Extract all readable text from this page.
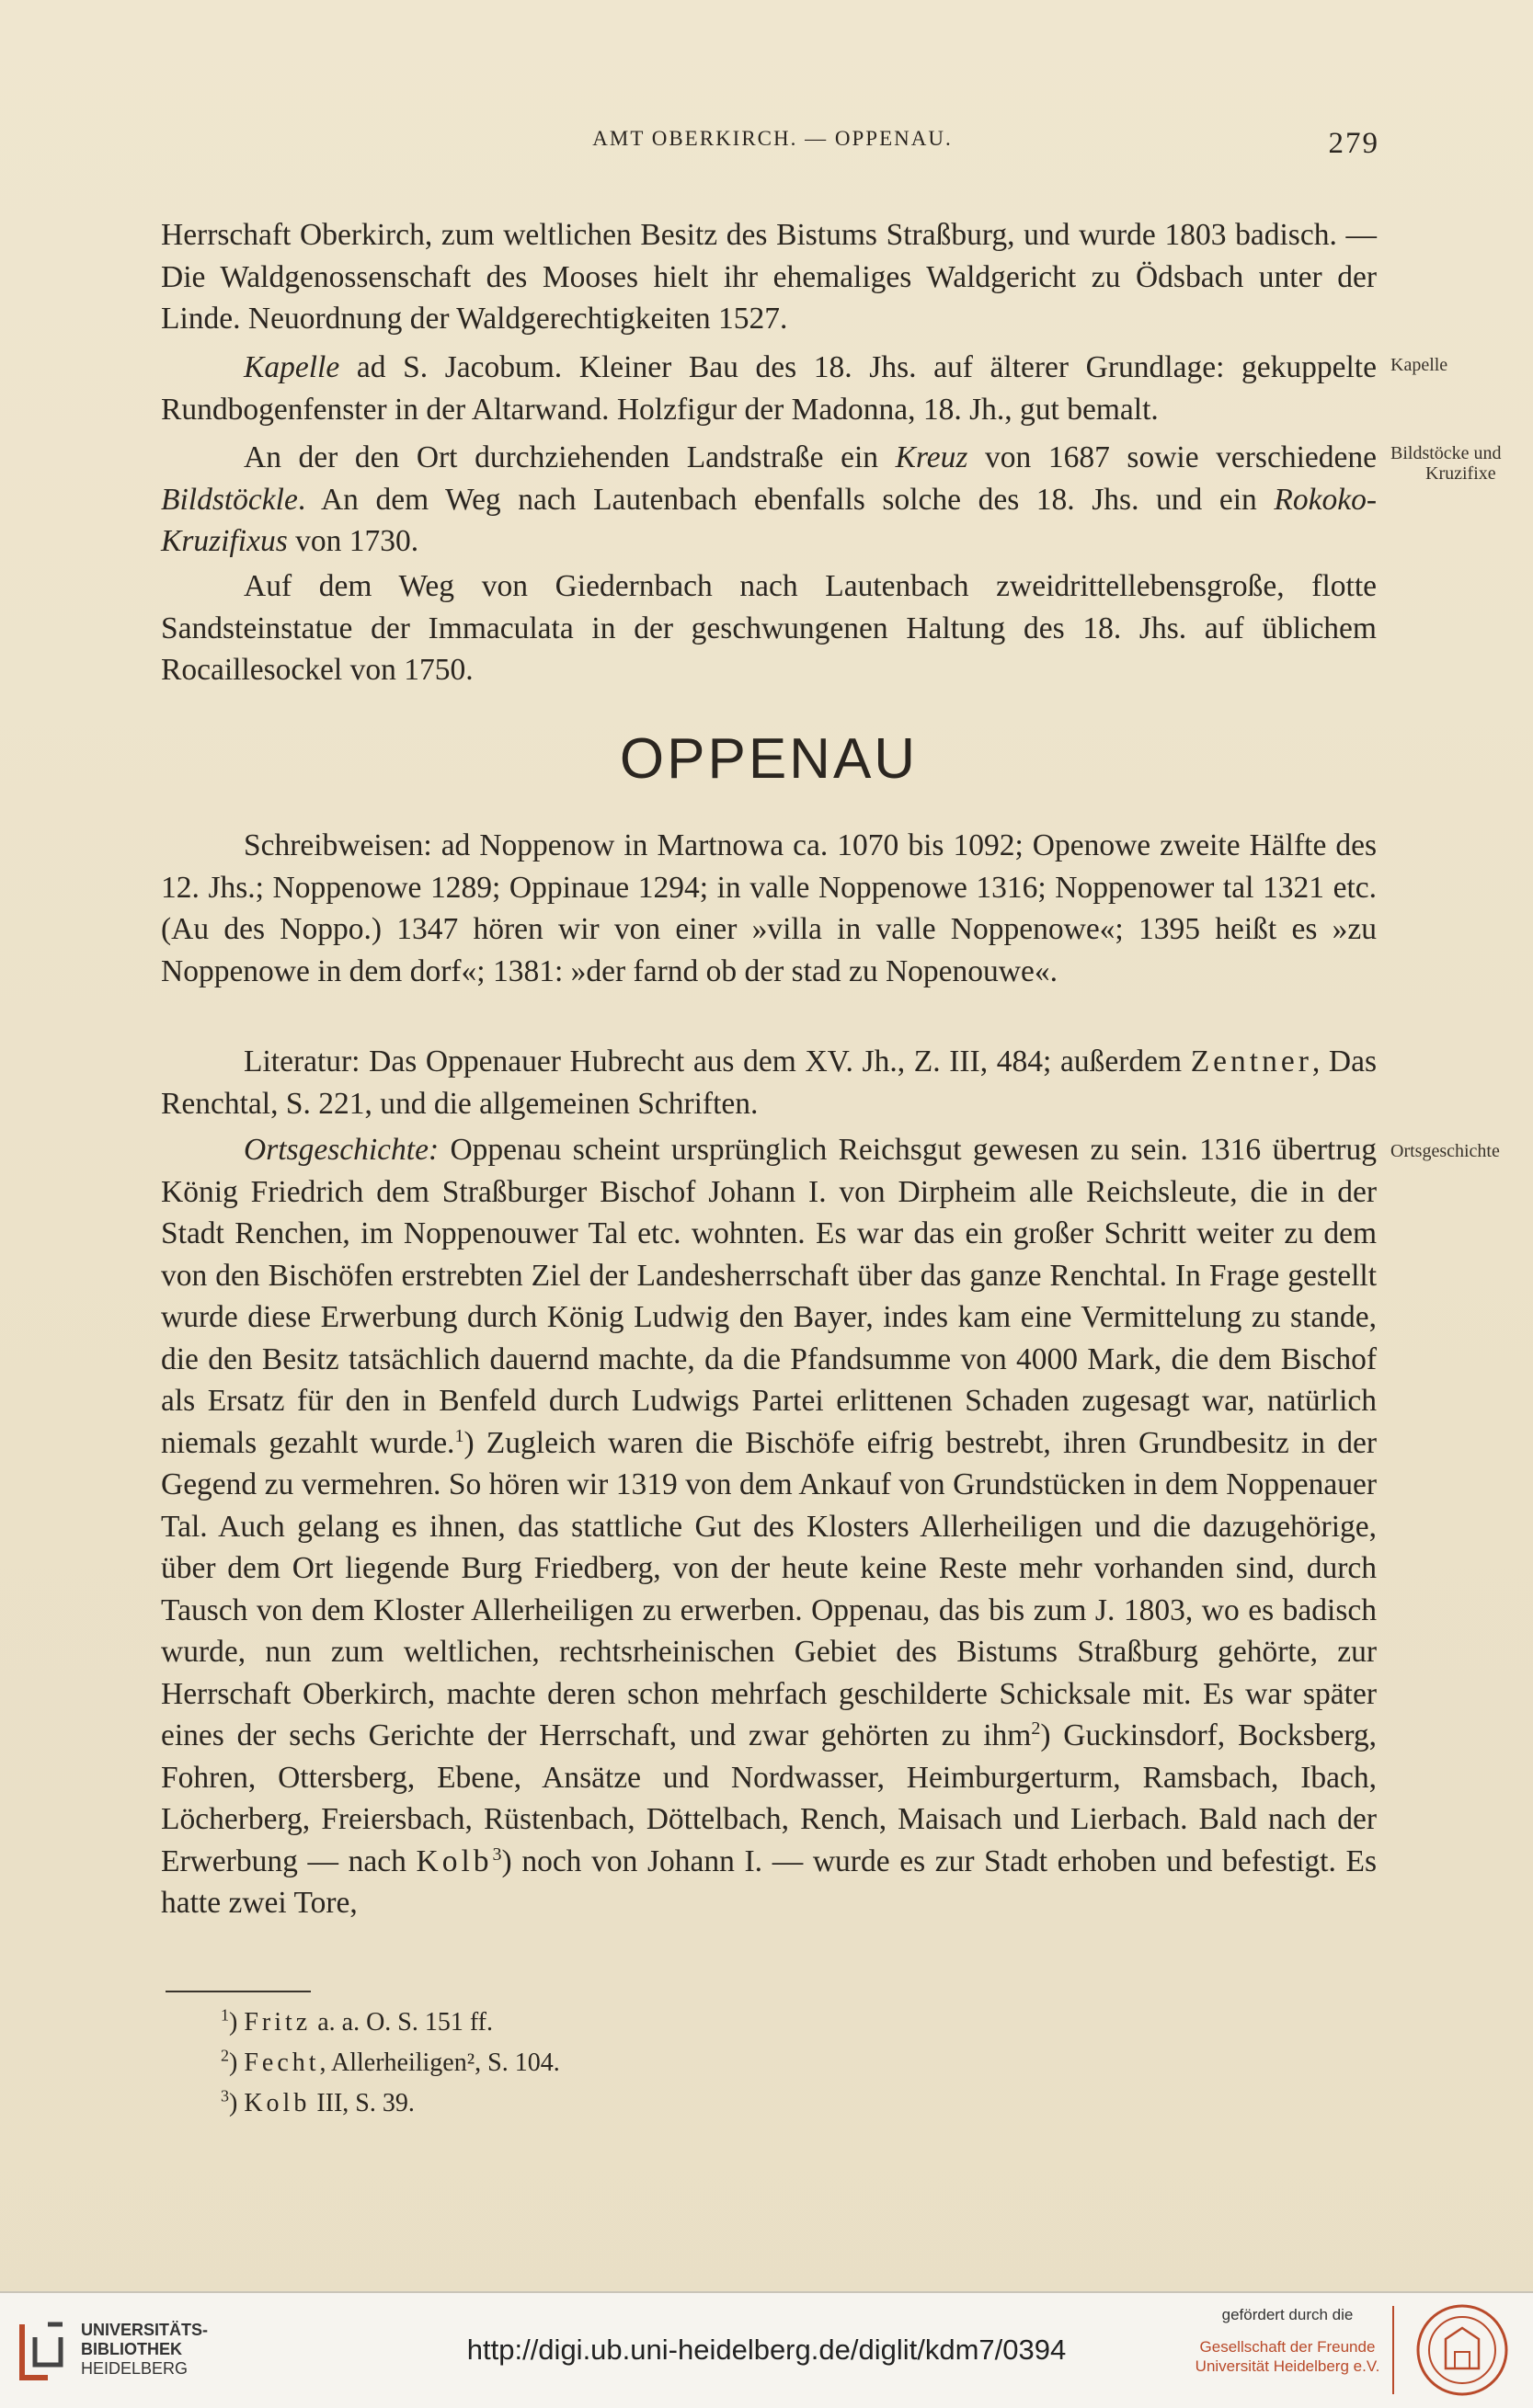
AMT OBERKIRCH. — OPPENAU.	279
Herrschaft Oberkirch, zum weltlichen Besitz des Bistums Straßburg, und wurde 1803 badisch. — Die Waldgenossenschaft des Mooses hielt ihr ehemaliges Waldgericht zu Ödsbach unter der Linde. Neuordnung der Waldgerechtigkeiten 1527.
Kapelle ad S. Jacobum. Kleiner Bau des 18. Jhs. auf älterer Grundlage: gekuppelte Rundbogenfenster in der Altarwand. Holzfigur der Madonna, 18. Jh., gut bemalt.
An der den Ort durchziehenden Landstraße ein Kreuz von 1687 sowie verschiedene Bildstöckle. An dem Weg nach Lautenbach ebenfalls solche des 18. Jhs. und ein Rokoko-Kruzifixus von 1730.
Auf dem Weg von Giedernbach nach Lautenbach zweidrittellebensgroße, flotte Sandsteinstatue der Immaculata in der geschwungenen Haltung des 18. Jhs. auf üblichem Rocaillesockel von 1750.
OPPENAU
Schreibweisen: ad Noppenow in Martnowa ca. 1070 bis 1092; Openowe zweite Hälfte des 12. Jhs.; Noppenowe 1289; Oppinaue 1294; in valle Noppenowe 1316; Noppenower tal 1321 etc. (Au des Noppo.) 1347 hören wir von einer »villa in valle Noppenowe«; 1395 heißt es »zu Noppenowe in dem dorf«; 1381: »der farnd ob der stad zu Nopenouwe«.
Literatur: Das Oppenauer Hubrecht aus dem XV. Jh., Z. III, 484; außerdem Zentner, Das Renchtal, S. 221, und die allgemeinen Schriften.
Ortsgeschichte: Oppenau scheint ursprünglich Reichsgut gewesen zu sein. 1316 übertrug König Friedrich dem Straßburger Bischof Johann I. von Dirpheim alle Reichsleute, die in der Stadt Renchen, im Noppenouwer Tal etc. wohnten. Es war das ein großer Schritt weiter zu dem von den Bischöfen erstrebten Ziel der Landesherrschaft über das ganze Renchtal. In Frage gestellt wurde diese Erwerbung durch König Ludwig den Bayer, indes kam eine Vermittelung zu stande, die den Besitz tatsächlich dauernd machte, da die Pfandsumme von 4000 Mark, die dem Bischof als Ersatz für den in Benfeld durch Ludwigs Partei erlittenen Schaden zugesagt war, natürlich niemals gezahlt wurde.$^1$) Zugleich waren die Bischöfe eifrig bestrebt, ihren Grundbesitz in der Gegend zu vermehren. So hören wir 1319 von dem Ankauf von Grundstücken in dem Noppenauer Tal. Auch gelang es ihnen, das stattliche Gut des Klosters Allerheiligen und die dazugehörige, über dem Ort liegende Burg Friedberg, von der heute keine Reste mehr vorhanden sind, durch Tausch von dem Kloster Allerheiligen zu erwerben. Oppenau, das bis zum J. 1803, wo es badisch wurde, nun zum weltlichen, rechtsrheinischen Gebiet des Bistums Straßburg gehörte, zur Herrschaft Oberkirch, machte deren schon mehrfach geschilderte Schicksale mit. Es war später eines der sechs Gerichte der Herrschaft, und zwar gehörten zu ihm$^2$) Guckinsdorf, Bocksberg, Fohren, Ottersberg, Ebene, Ansätze und Nordwasser, Heimburgerturm, Ramsbach, Ibach, Löcherberg, Freiersbach, Rüstenbach, Döttelbach, Rench, Maisach und Lierbach. Bald nach der Erwerbung — nach Kolb$^3$) noch von Johann I. — wurde es zur Stadt erhoben und befestigt. Es hatte zwei Tore,
Kapelle
Bildstöcke und
Kruzifixe
Ortsgeschichte
$^1$) Fritz a. a. O. S. 151 ff.
$^2$) Fecht, Allerheiligen², S. 104.
$^3$) Kolb III, S. 39.
UNIVERSITÄTS-
BIBLIOTHEK
HEIDELBERG
http://digi.ub.uni-heidelberg.de/diglit/kdm7/0394
gefördert durch die
Gesellschaft der Freunde
Universität Heidelberg e.V.
